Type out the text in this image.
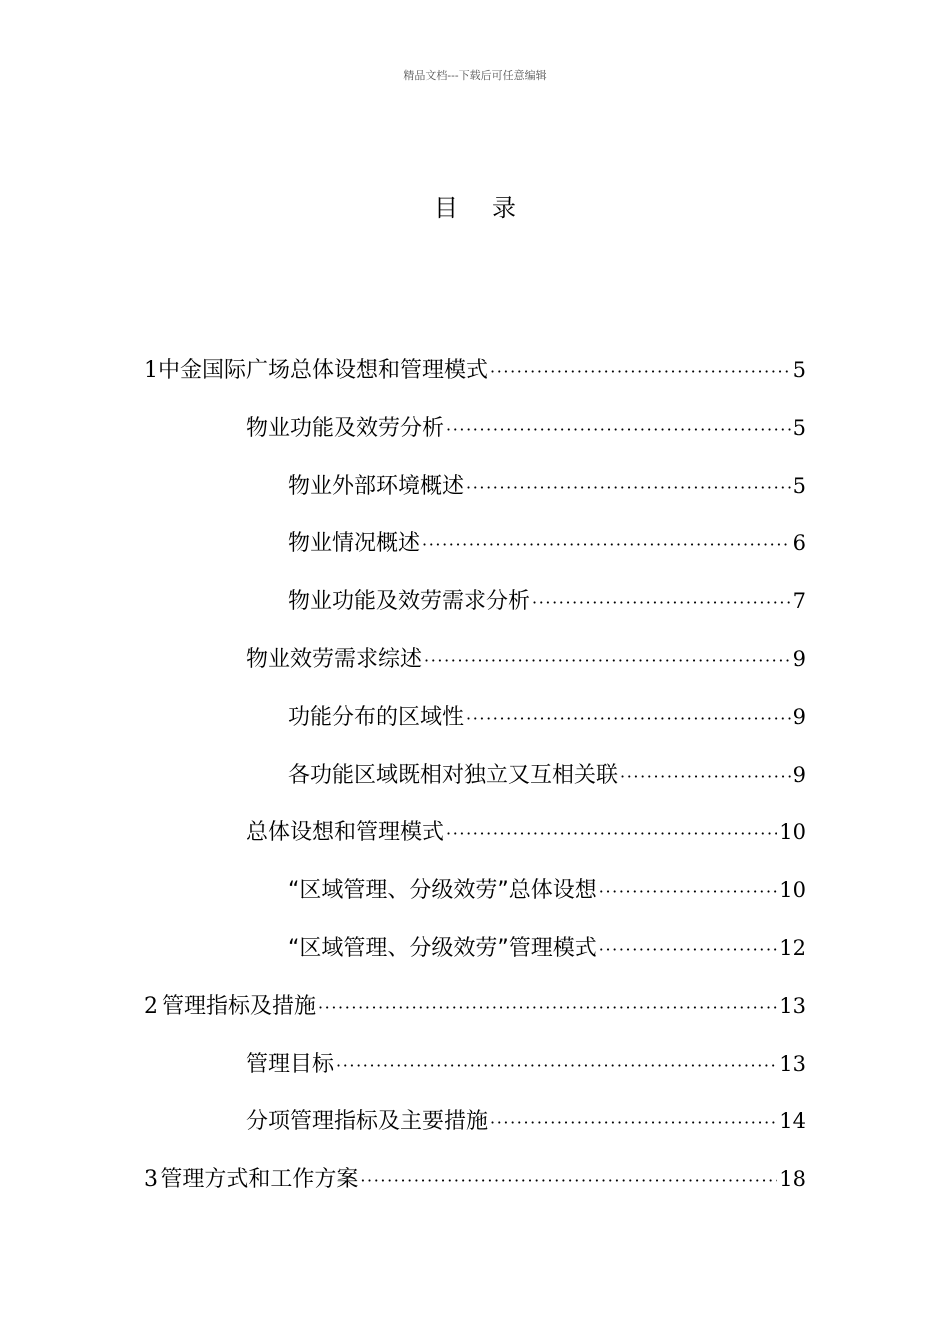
精品文档---下载后可任意编辑
目录
1 中金国际广场总体设想和管理模式 ·····	5
物业功能及效劳分析 ·····	5
物业外部环境概述 ·····	5
物业情况概述 ·····	6
物业功能及效劳需求分析 ·····	7
物业效劳需求综述 ·····	9
功能分布的区域性 ·····	9
各功能区域既相对独立又互相关联 ·····	9
总体设想和管理模式 ·····	10
“区域管理、分级效劳”总体设想 ·····	10
“区域管理、分级效劳”管理模式 ·····	12
2 管理指标及措施 ·····	13
管理目标 ·····	13
分项管理指标及主要措施 ·····	14
3 管理方式和工作方案 ·····	18
